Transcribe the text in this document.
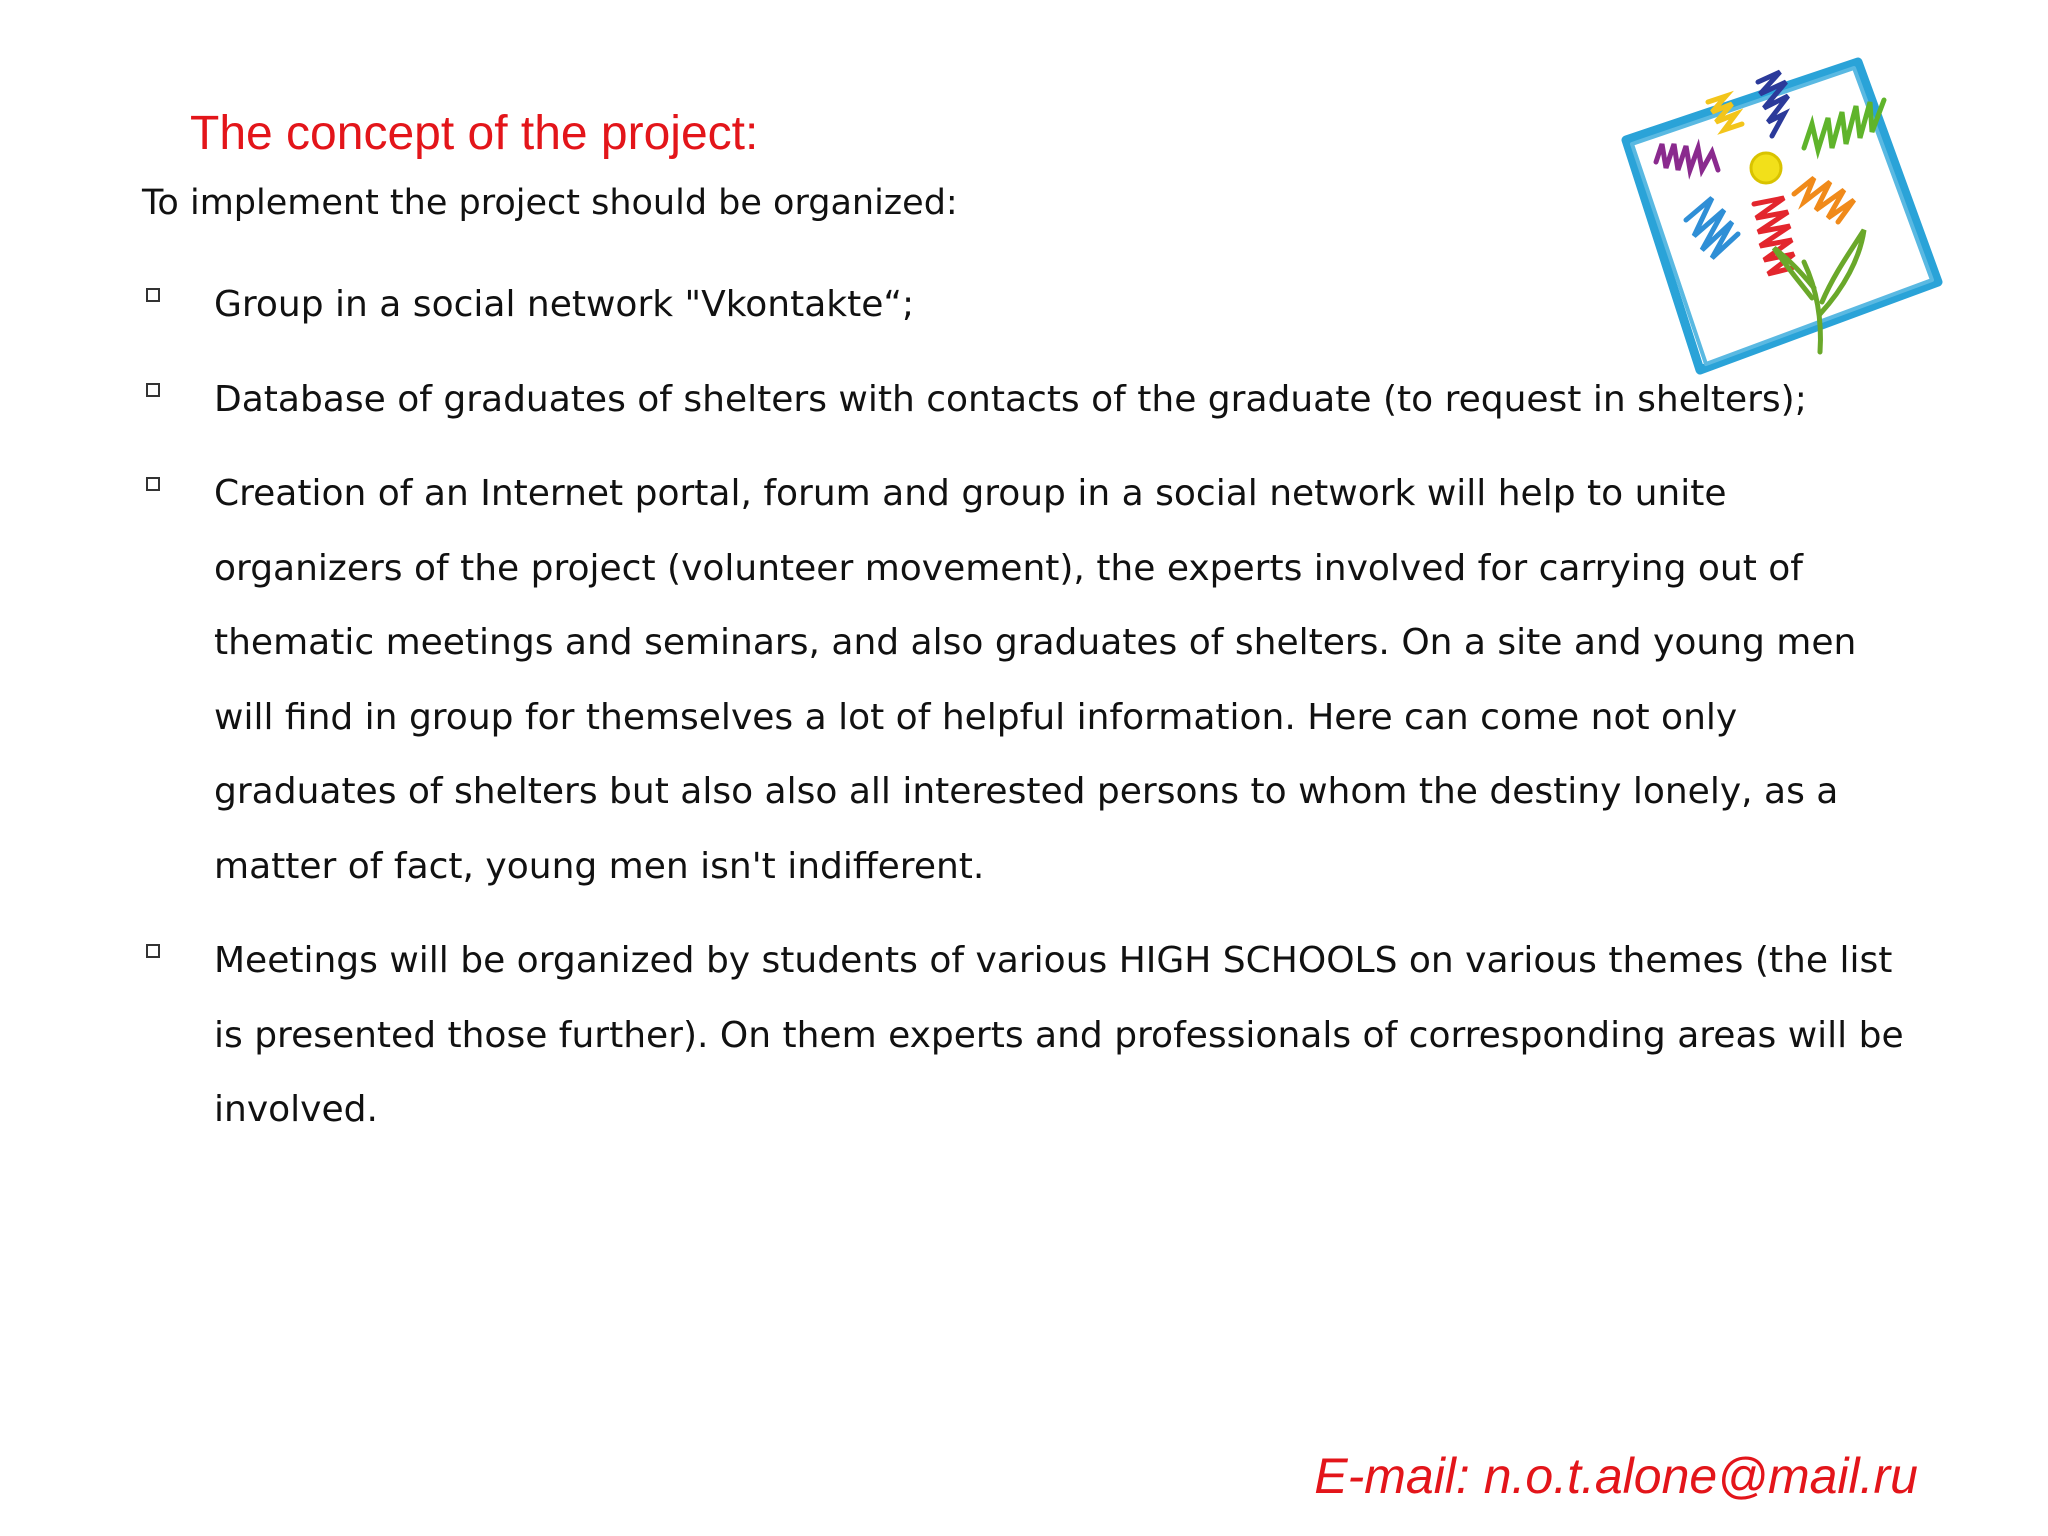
The concept of the project:

To implement the project should be organized:

Group in a social network "Vkontakte“;
Database of graduates of shelters with contacts of the graduate (to request in shelters);
Creation of an Internet portal, forum and group in a social network will help to unite organizers of the project (volunteer movement), the experts involved for carrying out of thematic meetings and seminars, and also graduates of shelters. On a site and young men will find in group for themselves a lot of helpful information. Here can come not only graduates of shelters but also also all interested persons to whom the destiny lonely, as a matter of fact, young men isn't indifferent.
Meetings will be organized by students of various HIGH SCHOOLS on various themes (the list is presented those further). On them experts and professionals of corresponding areas will be involved.

E-mail: n.o.t.alone@mail.ru
